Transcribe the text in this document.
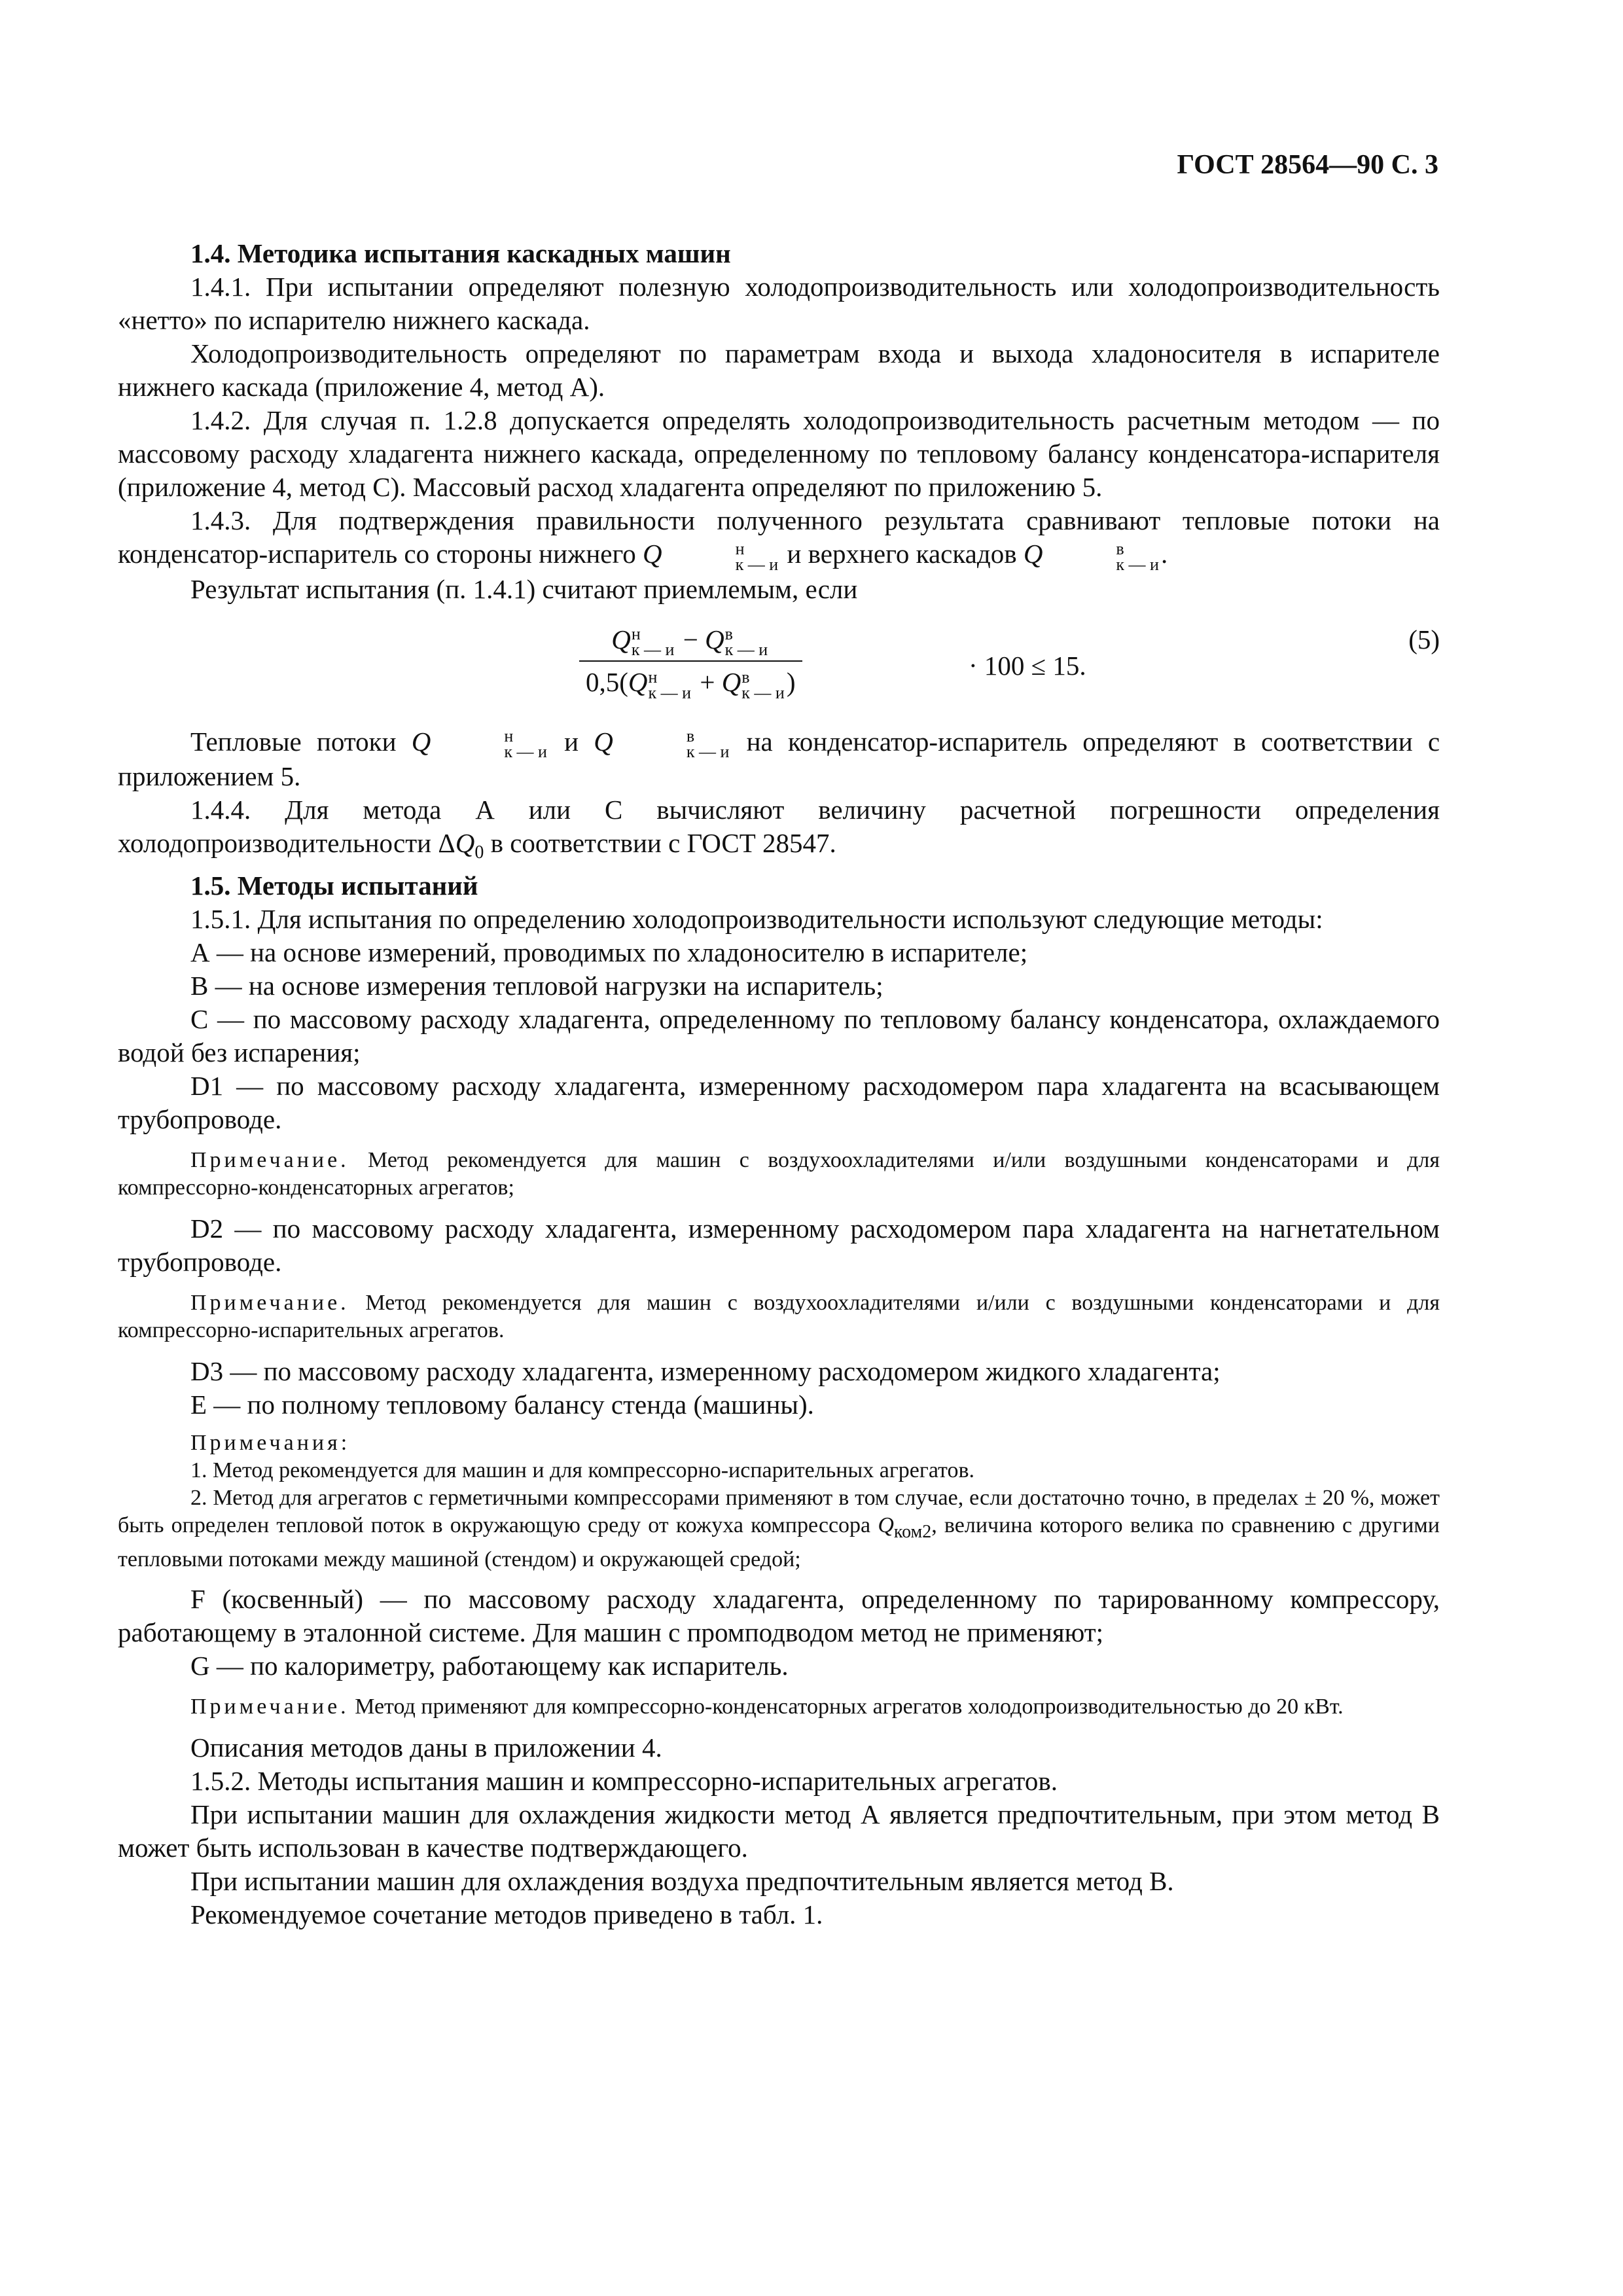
ГОСТ 28564—90 С. 3

1.4. Методика испытания каскадных машин

1.4.1. При испытании определяют полезную холодопроизводительность или холодопроизводительность «нетто» по испарителю нижнего каскада.

Холодопроизводительность определяют по параметрам входа и выхода хладоносителя в испарителе нижнего каскада (приложение 4, метод А).

1.4.2. Для случая п. 1.2.8 допускается определять холодопроизводительность расчетным методом — по массовому расходу хладагента нижнего каскада, определенному по тепловому балансу конденсатора-испарителя (приложение 4, метод С). Массовый расход хладагента определяют по приложению 5.

1.4.3. Для подтверждения правильности полученного результата сравнивают тепловые потоки на конденсатор-испаритель со стороны нижнего Q	н
к — и и верхнего каскадов Q	в
к — и .

Результат испытания (п. 1.4.1) считают приемлемым, если

Q н
к — и − Q в
к — и
0,5(Q н
к — и + Q в
к — и )
· 100 ≤ 15.
(5)

Тепловые потоки Q	н
к — и и Q	в
к — и на конденсатор-испаритель определяют в соответствии с приложением 5.

1.4.4. Для метода А или С вычисляют величину расчетной погрешности определения холодопроизводительности $\Delta Q_0$ в соответствии с ГОСТ 28547.

1.5. Методы испытаний

1.5.1. Для испытания по определению холодопроизводительности используют следующие методы:

А — на основе измерений, проводимых по хладоносителю в испарителе;

В — на основе измерения тепловой нагрузки на испаритель;

С — по массовому расходу хладагента, определенному по тепловому балансу конденсатора, охлаждаемого водой без испарения;

D1 — по массовому расходу хладагента, измеренному расходомером пара хладагента на всасывающем трубопроводе.

Примечание. Метод рекомендуется для машин с воздухоохладителями и/или воздушными конденсаторами и для компрессорно-конденсаторных агрегатов;

D2 — по массовому расходу хладагента, измеренному расходомером пара хладагента на нагнетательном трубопроводе.

Примечание. Метод рекомендуется для машин с воздухоохладителями и/или с воздушными конденсаторами и для компрессорно-испарительных агрегатов.

D3 — по массовому расходу хладагента, измеренному расходомером жидкого хладагента;

Е — по полному тепловому балансу стенда (машины).

Примечания:

1. Метод рекомендуется для машин и для компрессорно-испарительных агрегатов.

2. Метод для агрегатов с герметичными компрессорами применяют в том случае, если достаточно точно, в пределах ± 20 %, может быть определен тепловой поток в окружающую среду от кожуха компрессора $Q_{ком2}$, величина которого велика по сравнению с другими тепловыми потоками между машиной (стендом) и окружающей средой;

F (косвенный) — по массовому расходу хладагента, определенному по тарированному компрессору, работающему в эталонной системе. Для машин с промподводом метод не применяют;

G — по калориметру, работающему как испаритель.

Примечание. Метод применяют для компрессорно-конденсаторных агрегатов холодопроизводительностью до 20 кВт.

Описания методов даны в приложении 4.

1.5.2. Методы испытания машин и компрессорно-испарительных агрегатов.

При испытании машин для охлаждения жидкости метод А является предпочтительным, при этом метод В может быть использован в качестве подтверждающего.

При испытании машин для охлаждения воздуха предпочтительным является метод В.

Рекомендуемое сочетание методов приведено в табл. 1.
